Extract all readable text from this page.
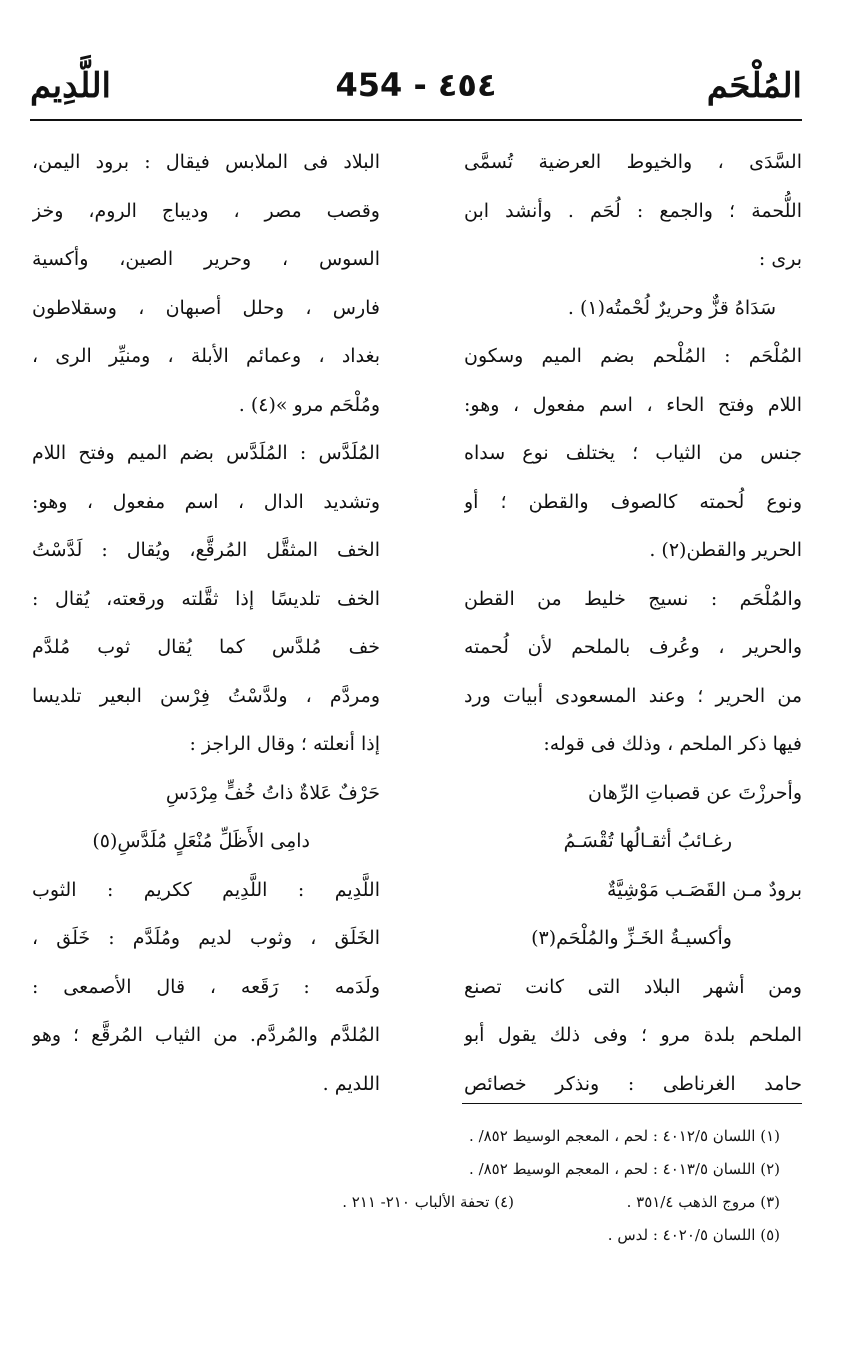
المُلْحَم
454 - ٤٥٤
اللَّدِيم
السَّدَى ، والخيوط العرضية تُسمَّى
اللُّحمة ؛ والجمع : لُحَم . وأنشد ابن
برى :
سَدَاهُ قزٌّ وحريرٌ لُحْمتُه(١) .
المُلْحَم : المُلْحم بضم الميم وسكون
اللام وفتح الحاء ، اسم مفعول ، وهو:
جنس من الثياب ؛ يختلف نوع سداه
ونوع لُحمته كالصوف والقطن ؛ أو
الحرير والقطن(٢) .
والمُلْحَم : نسيج خليط من القطن
والحرير ، وعُرف بالملحم لأن لُحمته
من الحرير ؛ وعند المسعودى أبيات ورد
فيها ذكر الملحم ، وذلك فى قوله:
وأحرزْتَ عن قصباتِ الرِّهان
رغـائبُ أثقـالُها تُقْسَـمُ
برودٌ مـن القَصَـب مَوْشِيَّةٌ
وأكسيـةُ الخَـزِّ والمُلْحَم(٣)
ومن أشهر البلاد التى كانت تصنع
الملحم بلدة مرو ؛ وفى ذلك يقول أبو
حامد الغرناطى : ونذكر خصائص
البلاد فى الملابس فيقال : برود اليمن،
وقصب مصر ، وديباج الروم، وخز
السوس ، وحرير الصين، وأكسية
فارس ، وحلل أصبهان ، وسقلاطون
بغداد ، وعمائم الأبلة ، ومنيِّر الرى ،
ومُلْحَم مرو »(٤) .
المُلَدَّس : المُلَدَّس بضم الميم وفتح اللام
وتشديد الدال ، اسم مفعول ، وهو:
الخف المثقَّل المُرقَّع، ويُقال : لَدَّسْتُ
الخف تلديسًا إذا ثقَّلته ورقعته، يُقال :
خف مُلدَّس كما يُقال ثوب مُلدَّم
ومردَّم ، ولدَّسْتُ فِرْسن البعير تلديسا
إذا أنعلته ؛ وقال الراجز :
حَرْفٌ عَلاةٌ ذاتُ خُفٍّ مِرْدَسِ
دامِى الأَظَلِّ مُنْعَلٍ مُلَدَّسِ(٥)
اللَّدِيم : اللَّدِيم ككريم : الثوب
الخَلَق ، وثوب لديم ومُلَدَّم : خَلَق ،
ولَدَمه : رَقَعه ، قال الأصمعى :
المُلدَّم والمُردَّم. من الثياب المُرقَّع ؛ وهو
اللديم .
(١) اللسان ٤٠١٢/٥ : لحم ، المعجم الوسيط ٨٥٢/ .
(٢) اللسان ٤٠١٣/٥ : لحم ، المعجم الوسيط ٨٥٢/ .
(٣) مروج الذهب ٣٥١/٤ .
(٤) تحفة الألباب ٢١٠- ٢١١ .
(٥) اللسان ٤٠٢٠/٥ : لدس .
